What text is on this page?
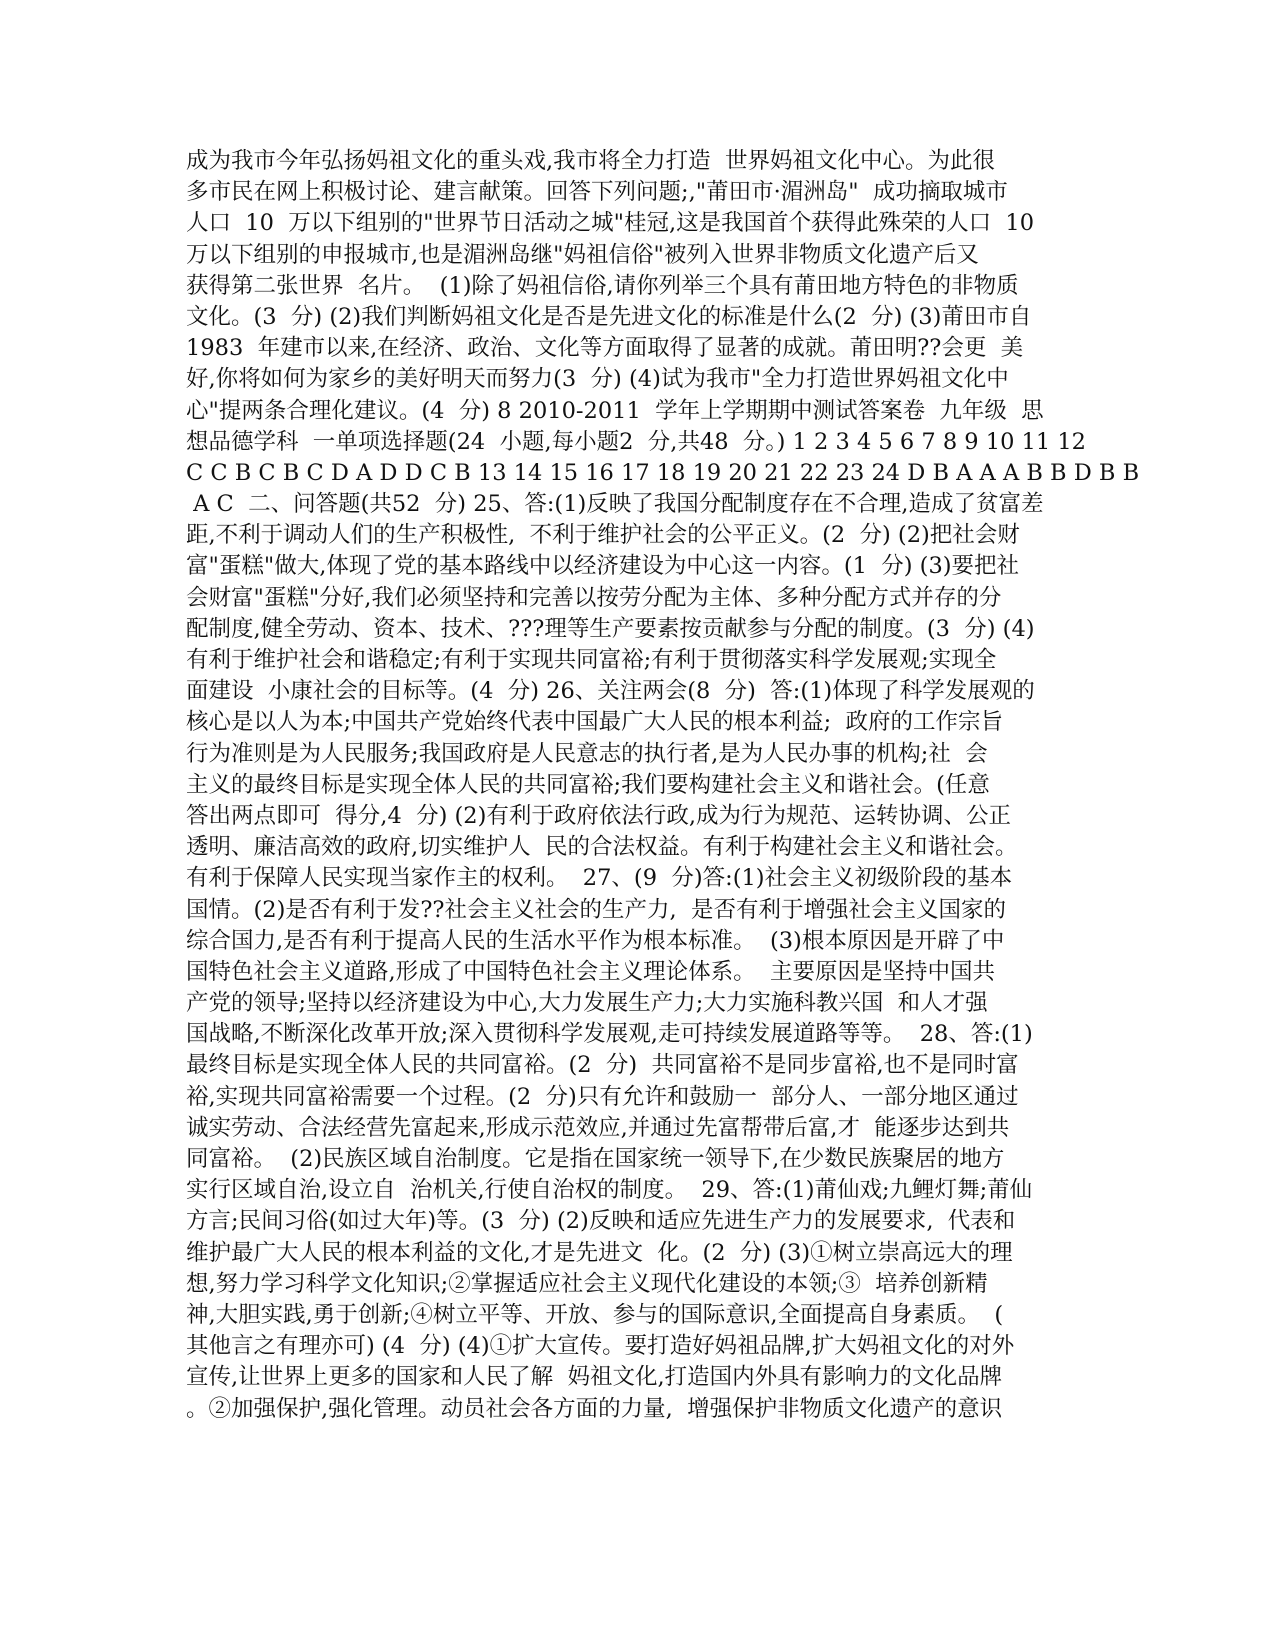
成为我市今年弘扬妈祖文化的重头戏,我市将全力打造  世界妈祖文化中心。为此很
多市民在网上积极讨论、建言献策。回答下列问题;,"莆田市·湄洲岛"  成功摘取城市
人口  10  万以下组别的"世界节日活动之城"桂冠,这是我国首个获得此殊荣的人口  10
万以下组别的申报城市,也是湄洲岛继"妈祖信俗"被列入世界非物质文化遗产后又
获得第二张世界  名片。  (1)除了妈祖信俗,请你列举三个具有莆田地方特色的非物质
文化。(3  分) (2)我们判断妈祖文化是否是先进文化的标准是什么(2  分) (3)莆田市自
1983  年建市以来,在经济、政治、文化等方面取得了显著的成就。莆田明??会更  美
好,你将如何为家乡的美好明天而努力(3  分) (4)试为我市"全力打造世界妈祖文化中
心"提两条合理化建议。(4  分) 8 2010-2011  学年上学期期中测试答案卷  九年级  思
想品德学科  一单项选择题(24  小题,每小题2  分,共48  分。) 1 2 3 4 5 6 7 8 9 10 11 12
C C B C B C D A D D C B 13 14 15 16 17 18 19 20 21 22 23 24 D B A A A B B D B B
A C  二、问答题(共52  分) 25、答:(1)反映了我国分配制度存在不合理,造成了贫富差
距,不利于调动人们的生产积极性,  不利于维护社会的公平正义。(2  分) (2)把社会财
富"蛋糕"做大,体现了党的基本路线中以经济建设为中心这一内容。(1  分) (3)要把社
会财富"蛋糕"分好,我们必须坚持和完善以按劳分配为主体、多种分配方式并存的分
配制度,健全劳动、资本、技术、???理等生产要素按贡献参与分配的制度。(3  分) (4)
有利于维护社会和谐稳定;有利于实现共同富裕;有利于贯彻落实科学发展观;实现全
面建设  小康社会的目标等。(4  分) 26、关注两会(8  分)  答:(1)体现了科学发展观的
核心是以人为本;中国共产党始终代表中国最广大人民的根本利益;  政府的工作宗旨
行为准则是为人民服务;我国政府是人民意志的执行者,是为人民办事的机构;社  会
主义的最终目标是实现全体人民的共同富裕;我们要构建社会主义和谐社会。(任意
答出两点即可  得分,4  分) (2)有利于政府依法行政,成为行为规范、运转协调、公正
透明、廉洁高效的政府,切实维护人  民的合法权益。有利于构建社会主义和谐社会。
有利于保障人民实现当家作主的权利。  27、(9  分)答:(1)社会主义初级阶段的基本
国情。(2)是否有利于发??社会主义社会的生产力,  是否有利于增强社会主义国家的
综合国力,是否有利于提高人民的生活水平作为根本标准。  (3)根本原因是开辟了中
国特色社会主义道路,形成了中国特色社会主义理论体系。  主要原因是坚持中国共
产党的领导;坚持以经济建设为中心,大力发展生产力;大力实施科教兴国  和人才强
国战略,不断深化改革开放;深入贯彻科学发展观,走可持续发展道路等等。  28、答:(1)
最终目标是实现全体人民的共同富裕。(2  分)  共同富裕不是同步富裕,也不是同时富
裕,实现共同富裕需要一个过程。(2  分)只有允许和鼓励一  部分人、一部分地区通过
诚实劳动、合法经营先富起来,形成示范效应,并通过先富帮带后富,才  能逐步达到共
同富裕。  (2)民族区域自治制度。它是指在国家统一领导下,在少数民族聚居的地方
实行区域自治,设立自  治机关,行使自治权的制度。  29、答:(1)莆仙戏;九鲤灯舞;莆仙
方言;民间习俗(如过大年)等。(3  分) (2)反映和适应先进生产力的发展要求,  代表和
维护最广大人民的根本利益的文化,才是先进文  化。(2  分) (3)①树立崇高远大的理
想,努力学习科学文化知识;②掌握适应社会主义现代化建设的本领;③  培养创新精
神,大胆实践,勇于创新;④树立平等、开放、参与的国际意识,全面提高自身素质。  (
其他言之有理亦可) (4  分) (4)①扩大宣传。要打造好妈祖品牌,扩大妈祖文化的对外
宣传,让世界上更多的国家和人民了解  妈祖文化,打造国内外具有影响力的文化品牌
。②加强保护,强化管理。动员社会各方面的力量,  增强保护非物质文化遗产的意识
